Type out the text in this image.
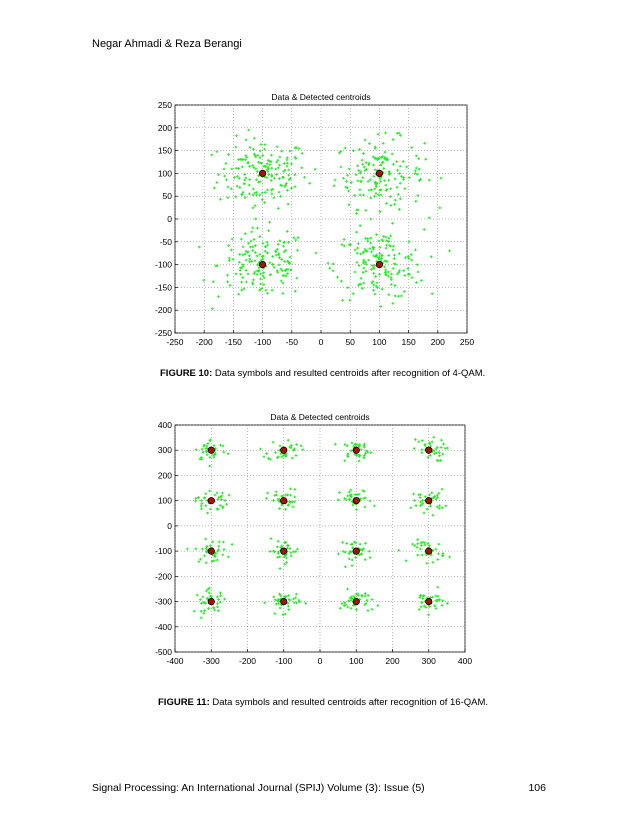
Negar Ahmadi & Reza Berangi
-250 -200 -150 -100 -50 0	50 100 150 200 250
-250
-200
-150
-100
-50
0
50
100
150
200
250
Data & Detected centroids
FIGURE 10: Data symbols and resulted centroids after recognition of 4-QAM.
-400 -300 -200 -100	0	100	200	300	400
-500
-400
-300
-200
-100
0
100
200
300
400
Data & Detected centroids
FIGURE 11: Data symbols and resulted centroids after recognition of 16-QAM.
Signal Processing: An International Journal (SPIJ) Volume (3): Issue (5)	106
